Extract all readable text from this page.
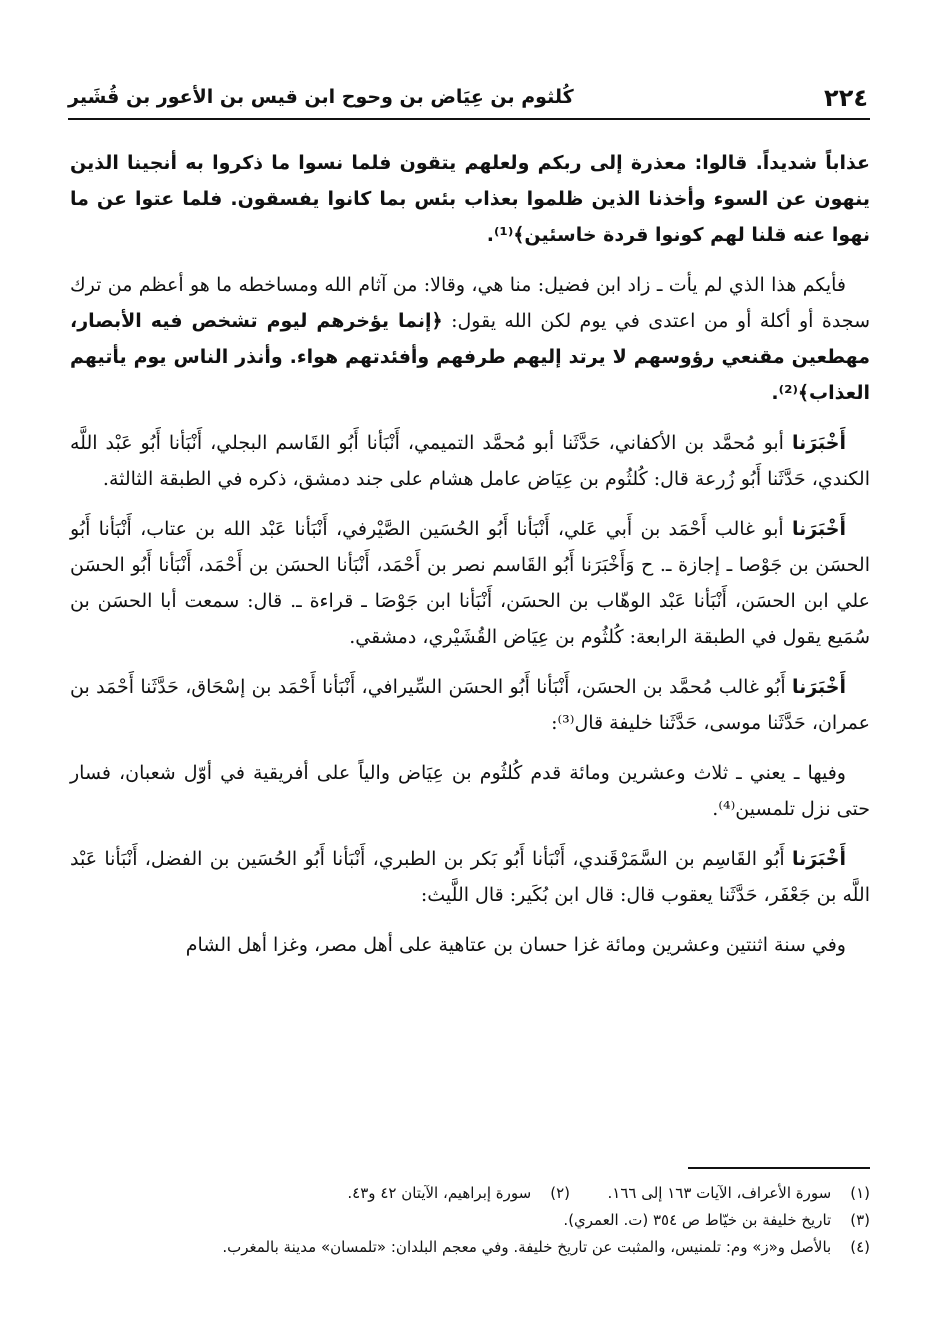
٢٢٤
كُلثوم بن عِيَاض بن وحوح ابن قيس بن الأعور بن قُشَير

عذاباً شديداً. قالوا: معذرة إلى ربكم ولعلهم يتقون فلما نسوا ما ذكروا به أنجينا الذين ينهون عن السوء وأخذنا الذين ظلموا بعذاب بئس بما كانوا يفسقون. فلما عتوا عن ما نهوا عنه قلنا لهم كونوا قردة خاسئين﴾⁽¹⁾.

فأيكم هذا الذي لم يأت ـ زاد ابن فضيل: منا هي، وقالا: من آثام الله ومساخطه ما هو أعظم من ترك سجدة أو أكلة أو من اعتدى في يوم لكن الله يقول: ﴿إنما يؤخرهم ليوم تشخص فيه الأبصار، مهطعين مقنعي رؤوسهم لا يرتد إليهم طرفهم وأفئدتهم هواء. وأنذر الناس يوم يأتيهم العذاب﴾⁽²⁾.
أَخْبَرَنا أبو مُحمَّد بن الأكفاني، حَدَّثَنا أبو مُحمَّد التميمي، أَنْبَأنا أَبُو القَاسم البجلي، أَنْبَأنا أَبُو عَبْد اللَّه الكندي، حَدَّثَنا أَبُو زُرعة قال: كُلثُوم بن عِيَاض عامل هشام على جند دمشق، ذكره في الطبقة الثالثة.
أَخْبَرَنا أبو غالب أَحْمَد بن أَبي عَلي، أَنْبَأنا أَبُو الحُسَين الصَّيْرفي، أَنْبَأنا عَبْد الله بن عتاب، أَنْبَأنا أَبُو الحسَن بن جَوْصا ـ إجازة ـ. ح وَأَخْبَرَنا أَبُو القَاسم نصر بن أَحْمَد، أَنْبَأنا الحسَن بن أَحْمَد، أَنْبَأنا أَبُو الحسَن علي ابن الحسَن، أَنْبَأنا عَبْد الوهّاب بن الحسَن، أَنْبَأنا ابن جَوْصَا ـ قراءة ـ. قال: سمعت أبا الحسَن بن سُمَيع يقول في الطبقة الرابعة: كُلثُوم بن عِيَاض القُشَيْري، دمشقي.
أَخْبَرَنا أَبُو غالب مُحمَّد بن الحسَن، أَنْبَأنا أَبُو الحسَن السِّيرافي، أَنْبَأنا أَحْمَد بن إسْحَاق، حَدَّثَنا أَحْمَد بن عمران، حَدَّثَنا موسى، حَدَّثَنا خليفة قال⁽³⁾:
وفيها ـ يعني ـ ثلاث وعشرين ومائة قدم كُلثُوم بن عِيَاض والياً على أفريقية في أوّل شعبان، فسار حتى نزل تلمسين⁽⁴⁾.
أَخْبَرَنا أَبُو القَاسِم بن السَّمَرْقَندي، أَنْبَأنا أَبُو بَكر بن الطبري، أَنْبَأنا أَبُو الحُسَين بن الفضل، أَنْبَأنا عَبْد اللَّه بن جَعْفَر، حَدَّثَنا يعقوب قال: قال ابن بُكَير: قال اللَّيث:
وفي سنة اثنتين وعشرين ومائة غزا حسان بن عتاهية على أهل مصر، وغزا أهل الشام
(١) سورة الأعراف، الآيات ١٦٣ إلى ١٦٦.
(٢) سورة إبراهيم، الآيتان ٤٢ و٤٣.
(٣) تاريخ خليفة بن خيّاط ص ٣٥٤ (ت. العمري).
(٤) بالأصل و«ز» وم: تلمنيس، والمثبت عن تاريخ خليفة. وفي معجم البلدان: «تلمسان» مدينة بالمغرب.
